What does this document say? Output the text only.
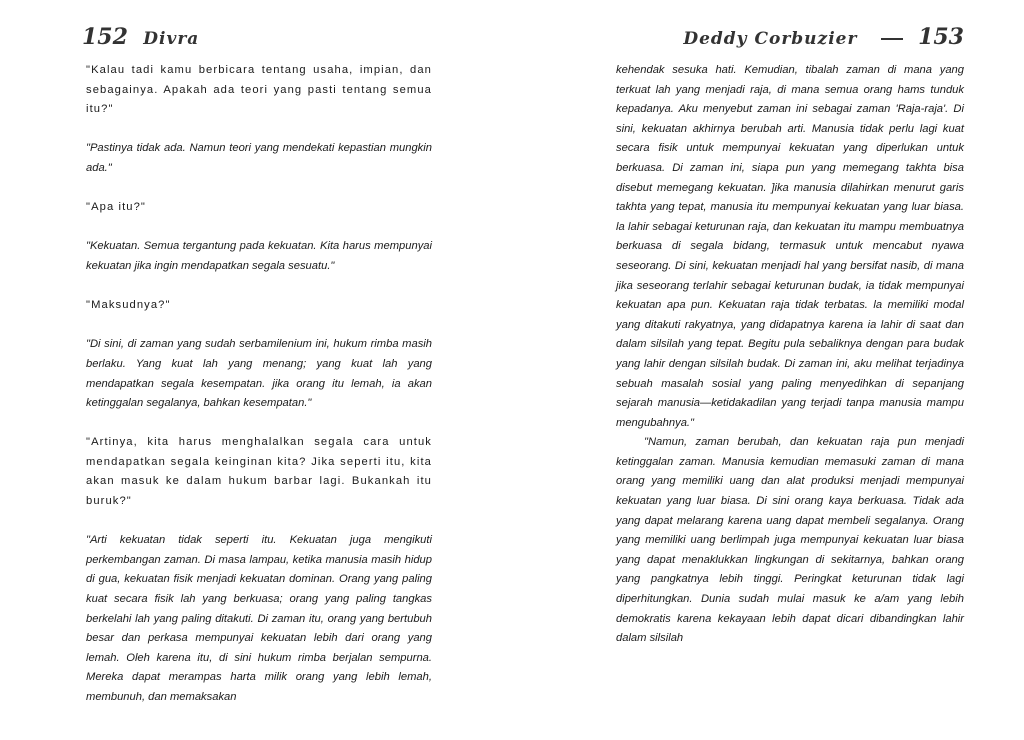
152 Divra	Deddy Corbuzier	153

"Kalau tadi kamu berbicara tentang usaha, impian, dan sebagainya. Apakah ada teori yang pasti tentang semua itu?"

"Pastinya tidak ada. Namun teori yang mendekati kepastian mungkin ada."

"Apa itu?"

"Kekuatan. Semua tergantung pada kekuatan. Kita harus mempunyai kekuatan jika ingin mendapatkan segala sesuatu."

"Maksudnya?"

"Di sini, di zaman yang sudah serbamilenium ini, hukum rimba masih berlaku. Yang kuat lah yang menang; yang kuat lah yang mendapatkan segala kesempatan. jika orang itu lemah, ia akan ketinggalan segalanya, bahkan kesempatan."

"Artinya, kita harus menghalalkan segala cara untuk mendapatkan segala keinginan kita? Jika seperti itu, kita akan masuk ke dalam hukum barbar lagi. Bukankah itu buruk?"

"Arti kekuatan tidak seperti itu. Kekuatan juga mengikuti perkembangan zaman. Di masa lampau, ketika manusia masih hidup di gua, kekuatan fisik menjadi kekuatan dominan. Orang yang paling kuat secara fisik lah yang berkuasa; orang yang paling tangkas berkelahi lah yang paling ditakuti. Di zaman itu, orang yang bertubuh besar dan perkasa mempunyai kekuatan lebih dari orang yang lemah. Oleh karena itu, di sini hukum rimba berjalan sempurna. Mereka dapat merampas harta milik orang yang lebih lemah, membunuh, dan memaksakan

kehendak sesuka hati. Kemudian, tibalah zaman di mana yang terkuat lah yang menjadi raja, di mana semua orang hams tunduk kepadanya. Aku menyebut zaman ini sebagai zaman 'Raja-raja'. Di sini, kekuatan akhirnya berubah arti. Manusia tidak perlu lagi kuat secara fisik untuk mempunyai kekuatan yang diperlukan untuk berkuasa. Di zaman ini, siapa pun yang memegang takhta bisa disebut memegang kekuatan. ]ika manusia dilahirkan menurut garis takhta yang tepat, manusia itu mempunyai kekuatan yang luar biasa. la lahir sebagai keturunan raja, dan kekuatan itu mampu membuatnya berkuasa di segala bidang, termasuk untuk mencabut nyawa seseorang. Di sini, kekuatan menjadi hal yang bersifat nasib, di mana jika seseorang terlahir sebagai keturunan budak, ia tidak mempunyai kekuatan apa pun. Kekuatan raja tidak terbatas. la memiliki modal yang ditakuti rakyatnya, yang didapatnya karena ia lahir di saat dan dalam silsilah yang tepat. Begitu pula sebaliknya dengan para budak yang lahir dengan silsilah budak. Di zaman ini, aku melihat terjadinya sebuah masalah sosial yang paling menyedihkan di sepanjang sejarah manusia—ketidakadilan yang terjadi tanpa manusia mampu mengubahnya."

"Namun, zaman berubah, dan kekuatan raja pun menjadi ketinggalan zaman. Manusia kemudian memasuki zaman di mana orang yang memiliki uang dan alat produksi menjadi mempunyai kekuatan yang luar biasa. Di sini orang kaya berkuasa. Tidak ada yang dapat melarang karena uang dapat membeli segalanya. Orang yang memiliki uang berlimpah juga mempunyai kekuatan luar biasa yang dapat menaklukkan lingkungan di sekitarnya, bahkan orang yang pangkatnya lebih tinggi. Peringkat keturunan tidak lagi diperhitungkan. Dunia sudah mulai masuk ke a/am yang lebih demokratis karena kekayaan lebih dapat dicari dibandingkan lahir dalam silsilah
